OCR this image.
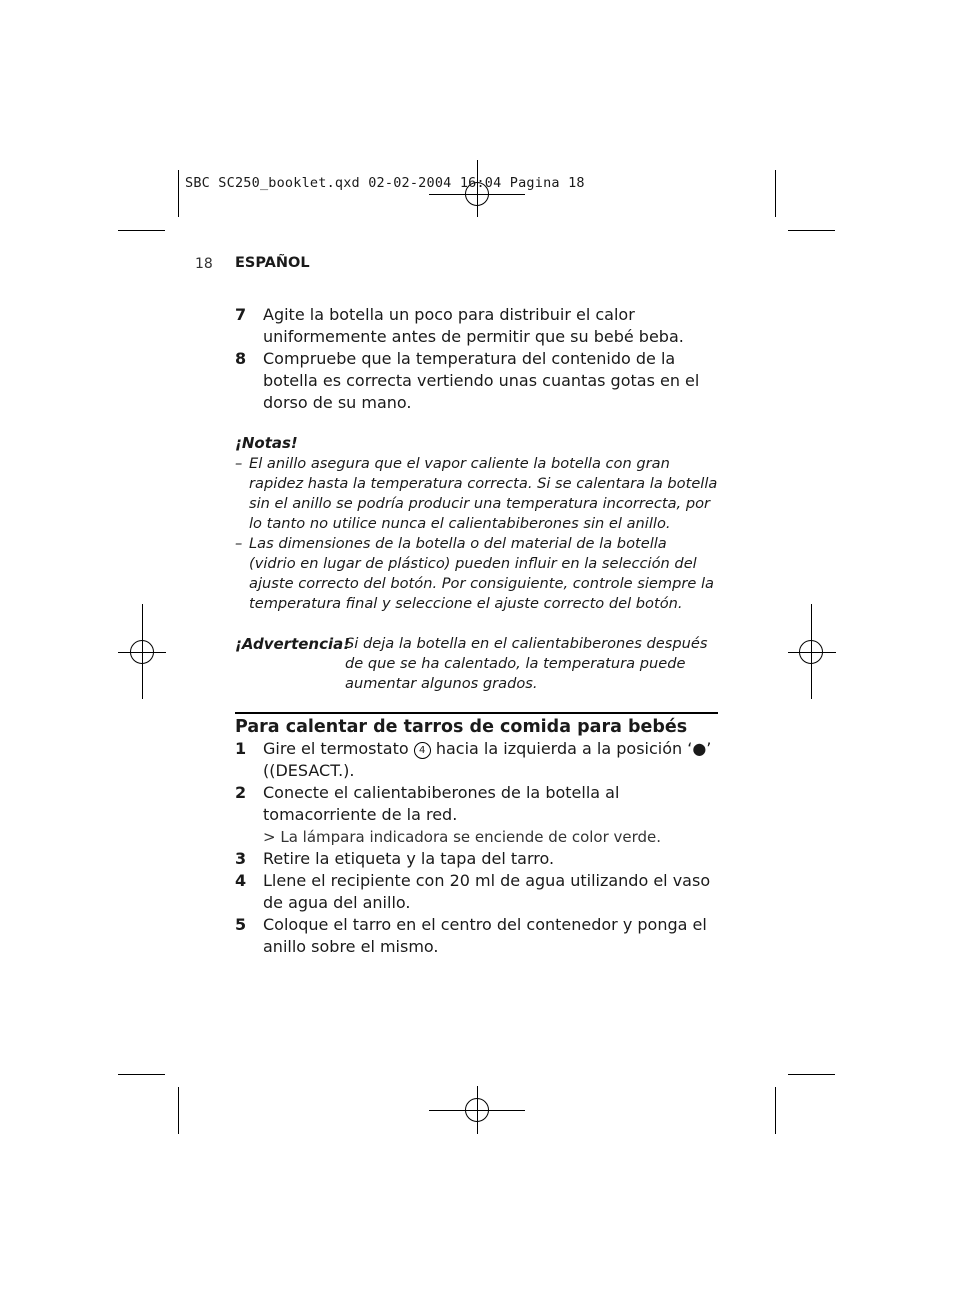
SBC SC250_booklet.qxd 02-02-2004 16:04 Pagina 18
18 ESPAÑOL
7	Agite la botella un poco para distribuir el calor uniformemente antes de permitir que su bebé beba.
8	Compruebe que la temperatura del contenido de la botella es correcta vertiendo unas cuantas gotas en el dorso de su mano.
¡Notas!
– El anillo asegura que el vapor caliente la botella con gran rapidez hasta la temperatura correcta. Si se calentara la botella sin el anillo se podría producir una temperatura incorrecta, por lo tanto no utilice nunca el calientabiberones sin el anillo.
– Las dimensiones de la botella o del material de la botella (vidrio en lugar de plástico) pueden influir en la selección del ajuste correcto del botón. Por consiguiente, controle siempre la temperatura final y seleccione el ajuste correcto del botón.
¡Advertencia!
Si deja la botella en el calientabiberones después de que se ha calentado, la temperatura puede aumentar algunos grados.
Para calentar de tarros de comida para bebés
1	Gire el termostato 4 hacia la izquierda a la posición ‘●’ ((DESACT.).
2	Conecte el calientabiberones de la botella al tomacorriente de la red.
> La lámpara indicadora se enciende de color verde.
3	Retire la etiqueta y la tapa del tarro.
4	Llene el recipiente con 20 ml de agua utilizando el vaso de agua del anillo.
5	Coloque el tarro en el centro del contenedor y ponga el anillo sobre el mismo.
